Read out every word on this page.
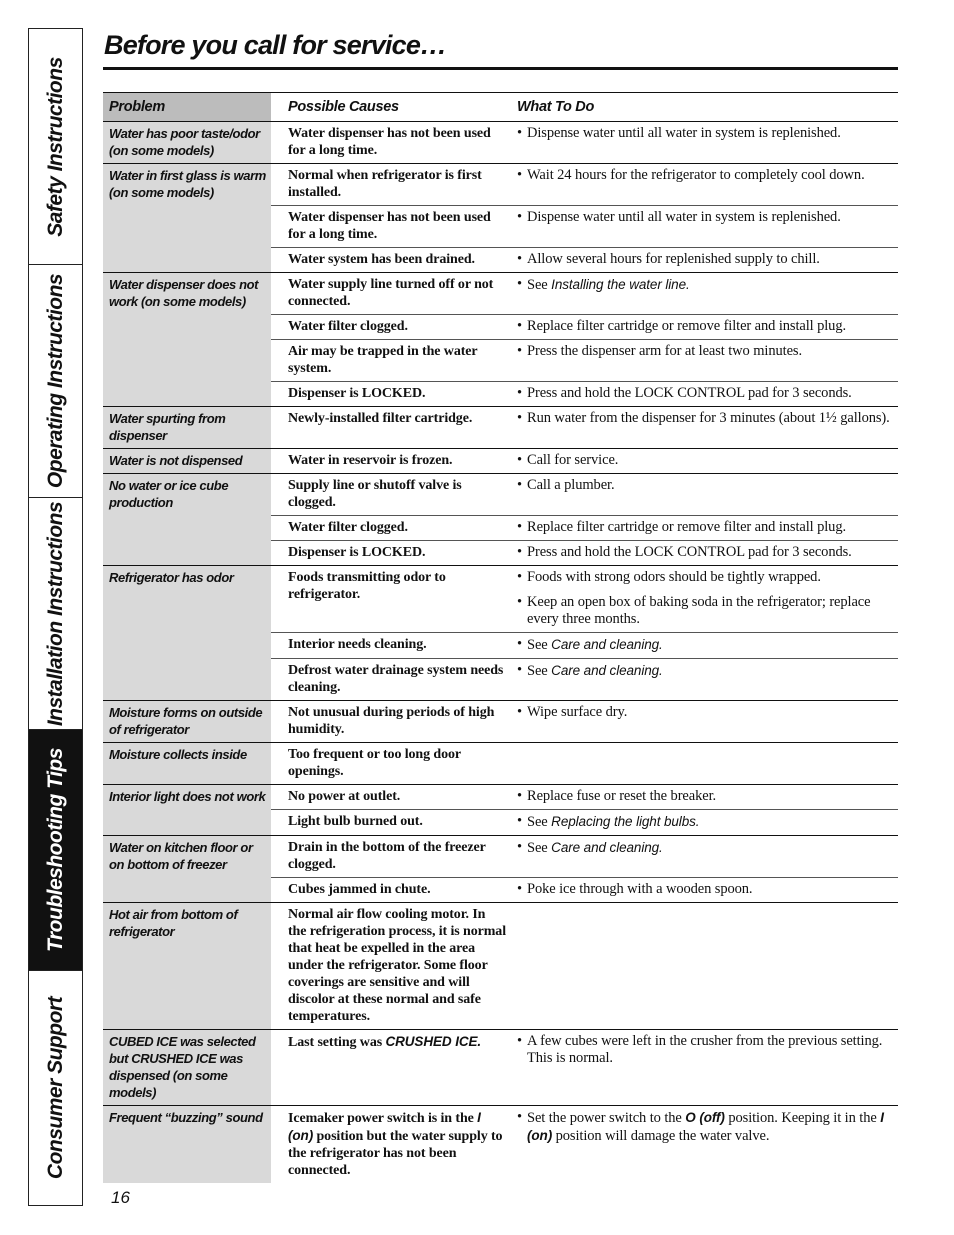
Safety Instructions
Operating Instructions
Installation Instructions
Troubleshooting Tips
Consumer Support
Before you call for service…
Problem	Possible Causes	What To Do
Water has poor taste/odor (on some models)	Water dispenser has not been used for a long time.	• Dispense water until all water in system is replenished.

Water in first glass is warm (on some models)	Normal when refrigerator is first installed.	• Wait 24 hours for the refrigerator to completely cool down.

	Water dispenser has not been used for a long time.	• Dispense water until all water in system is replenished.

	Water system has been drained.	• Allow several hours for replenished supply to chill.

Water dispenser does not work (on some models)	Water supply line turned off or not connected.	• See Installing the water line.

	Water filter clogged.	• Replace filter cartridge or remove filter and install plug.

	Air may be trapped in the water system.	• Press the dispenser arm for at least two minutes.

	Dispenser is LOCKED.	• Press and hold the LOCK CONTROL pad for 3 seconds.

Water spurting from dispenser	Newly-installed filter cartridge.	• Run water from the dispenser for 3 minutes (about 1½ gallons).

Water is not dispensed	Water in reservoir is frozen.	• Call for service.

No water or ice cube production	Supply line or shutoff valve is clogged.	• Call a plumber.

	Water filter clogged.	• Replace filter cartridge or remove filter and install plug.

	Dispenser is LOCKED.	• Press and hold the LOCK CONTROL pad for 3 seconds.

Refrigerator has odor	Foods transmitting odor to refrigerator.	• Foods with strong odors should be tightly wrapped.
• Keep an open box of baking soda in the refrigerator; replace every three months.

	Interior needs cleaning.	• See Care and cleaning.

	Defrost water drainage system needs cleaning.	• See Care and cleaning.

Moisture forms on outside of refrigerator	Not unusual during periods of high humidity.	• Wipe surface dry.

Moisture collects inside	Too frequent or too long door openings.	
Interior light does not work	No power at outlet.	• Replace fuse or reset the breaker.

	Light bulb burned out.	• See Replacing the light bulbs.

Water on kitchen floor or on bottom of freezer	Drain in the bottom of the freezer clogged.	• See Care and cleaning.

	Cubes jammed in chute.	• Poke ice through with a wooden spoon.

Hot air from bottom of refrigerator	Normal air flow cooling motor. In the refrigeration process, it is normal that heat be expelled in the area under the refrigerator. Some floor coverings are sensitive and will discolor at these normal and safe temperatures.	
CUBED ICE was selected but CRUSHED ICE was dispensed (on some models)	Last setting was CRUSHED ICE.	• A few cubes were left in the crusher from the previous setting. This is normal.

Frequent “buzzing” sound	Icemaker power switch is in the I (on) position but the water supply to the refrigerator has not been connected.	• Set the power switch to the O (off) position. Keeping it in the I (on) position will damage the water valve.
16
